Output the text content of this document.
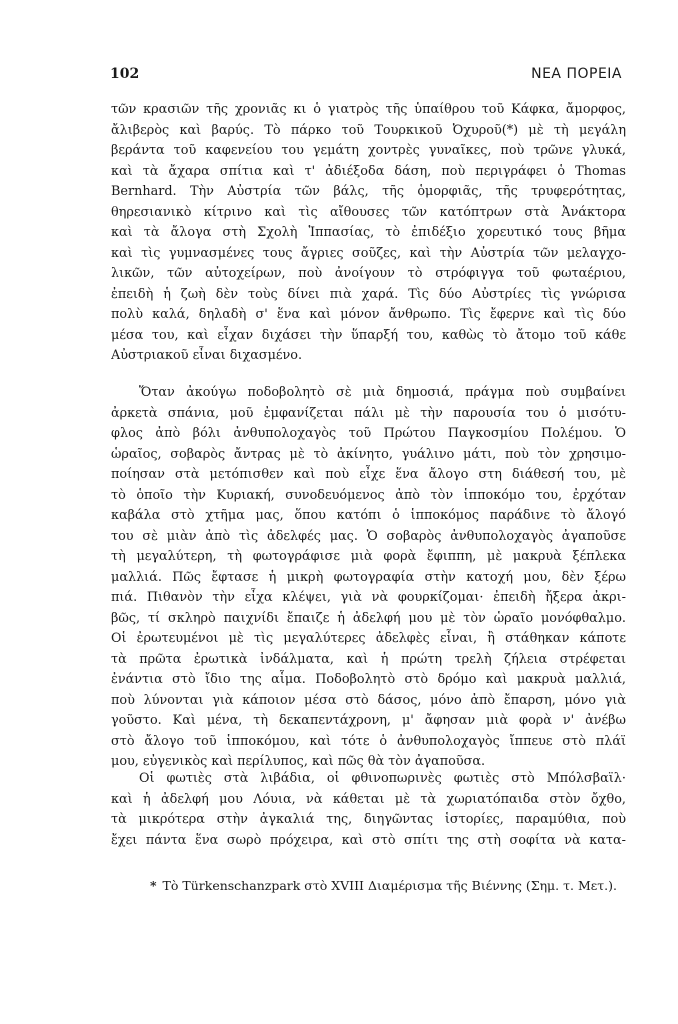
102	ΝΕΑ ΠΟΡΕΙΑ
τῶν κρασιῶν τῆς χρονιᾶς κι ὁ γιατρὸς τῆς ὑπαίθρου τοῦ Κάφκα, ἄμορφος,
ἄλιβερὸς καὶ βαρύς. Τὸ πάρκο τοῦ Τουρκικοῦ Ὀχυροῦ(*) μὲ τὴ μεγάλη
βεράντα τοῦ καφενείου του γεμάτη χοντρὲς γυναῖκες, ποὺ τρῶνε γλυκά,
καὶ τὰ ἄχαρα σπίτια καὶ τ' ἀδιέξοδα δάση, ποὺ περιγράφει ὁ Thomas
Bernhard. Τὴν Αὐστρία τῶν βάλς, τῆς ὁμορφιᾶς, τῆς τρυφερότητας,
θηρεσιανικὸ κίτρινο καὶ τὶς αἴθουσες τῶν κατόπτρων στὰ Ἀνάκτορα
καὶ τὰ ἄλογα στὴ Σχολὴ Ἱππασίας, τὸ ἐπιδέξιο χορευτικό τους βῆμα
καὶ τὶς γυμνασμένες τους ἄγριες σοῦζες, καὶ τὴν Αὐστρία τῶν μελαγχο-
λικῶν, τῶν αὐτοχείρων, ποὺ ἀνοίγουν τὸ στρόφιγγα τοῦ φωταέριου,
ἐπειδὴ ἡ ζωὴ δὲν τοὺς δίνει πιὰ χαρά. Τὶς δύο Αὐστρίες τὶς γνώρισα
πολὺ καλά, δηλαδὴ σ' ἕνα καὶ μόνον ἄνθρωπο. Τὶς ἔφερνε καὶ τὶς δύο
μέσα του, καὶ εἶχαν διχάσει τὴν ὕπαρξή του, καθὼς τὸ ἄτομο τοῦ κάθε
Αὐστριακοῦ εἶναι διχασμένο.
Ὅταν ἀκούγω ποδοβολητὸ σὲ μιὰ δημοσιά, πράγμα ποὺ συμβαίνει
ἀρκετὰ σπάνια, μοῦ ἐμφανίζεται πάλι μὲ τὴν παρουσία του ὁ μισότυ-
φλος ἀπὸ βόλι ἀνθυπολοχαγὸς τοῦ Πρώτου Παγκοσμίου Πολέμου. Ὁ
ὡραῖος, σοβαρὸς ἄντρας μὲ τὸ ἀκίνητο, γυάλινο μάτι, ποὺ τὸν χρησιμο-
ποίησαν στὰ μετόπισθεν καὶ ποὺ εἶχε ἕνα ἄλογο στη διάθεσή του, μὲ
τὸ ὁποῖο τὴν Κυριακή, συνοδευόμενος ἀπὸ τὸν ἱπποκόμο του, ἐρχόταν
καβάλα στὸ χτῆμα μας, ὅπου κατόπι ὁ ἱπποκόμος παράδινε τὸ ἄλογό
του σὲ μιὰν ἀπὸ τὶς ἀδελφές μας. Ὁ σοβαρὸς ἀνθυπολοχαγὸς ἀγαποῦσε
τὴ μεγαλύτερη, τὴ φωτογράφισε μιὰ φορὰ ἔφιππη, μὲ μακρυὰ ξέπλεκα
μαλλιά. Πῶς ἔφτασε ἡ μικρὴ φωτογραφία στὴν κατοχή μου, δὲν ξέρω
πιά. Πιθανὸν τὴν εἶχα κλέψει, γιὰ νὰ φουρκίζομαι· ἐπειδὴ ἤξερα ἀκρι-
βῶς, τί σκληρὸ παιχνίδι ἔπαιζε ἡ ἀδελφή μου μὲ τὸν ὡραῖο μονόφθαλμο.
Οἱ ἐρωτευμένοι μὲ τὶς μεγαλύτερες ἀδελφὲς εἶναι, ἢ στάθηκαν κάποτε
τὰ πρῶτα ἐρωτικὰ ἰνδάλματα, καὶ ἡ πρώτη τρελὴ ζήλεια στρέφεται
ἐνάντια στὸ ἴδιο της αἷμα. Ποδοβολητὸ στὸ δρόμο καὶ μακρυὰ μαλλιά,
ποὺ λύνονται γιὰ κάποιον μέσα στὸ δάσος, μόνο ἀπὸ ἔπαρση, μόνο γιὰ
γοῦστο. Καὶ μένα, τὴ δεκαπεντάχρονη, μ' ἄφησαν μιὰ φορὰ ν' ἀνέβω
στὸ ἄλογο τοῦ ἱπποκόμου, καὶ τότε ὁ ἀνθυπολοχαγὸς ἴππευε στὸ πλάϊ
μου, εὐγενικὸς καὶ περίλυπος, καὶ πῶς θὰ τὸν ἀγαποῦσα.
Οἱ φωτιὲς στὰ λιβάδια, οἱ φθινοπωρινὲς φωτιὲς στὸ Μπόλσβαϊλ·
καὶ ἡ ἀδελφή μου Λόυια, νὰ κάθεται μὲ τὰ χωριατόπαιδα στὸν ὄχθο,
τὰ μικρότερα στὴν ἀγκαλιά της, διηγῶντας ἱστορίες, παραμύθια, ποὺ
ἔχει πάντα ἕνα σωρὸ πρόχειρα, καὶ στὸ σπίτι της στὴ σοφίτα νὰ κατα-
* Τὸ Türkenschanzpark στὸ XVIII Διαμέρισμα τῆς Βιέννης (Σημ. τ. Μετ.).
